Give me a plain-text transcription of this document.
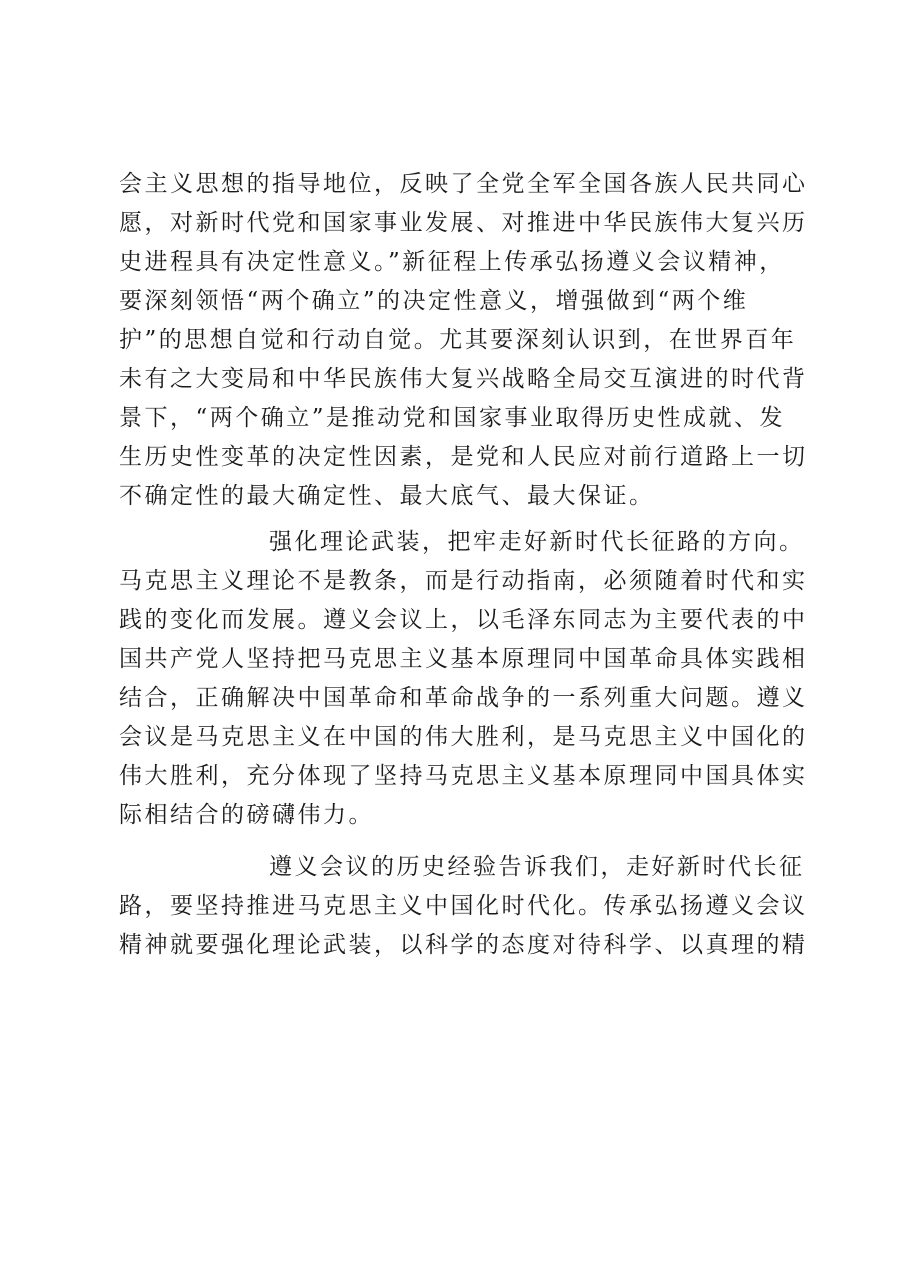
会主义思想的指导地位，反映了全党全军全国各族人民共同心
愿，对新时代党和国家事业发展、对推进中华民族伟大复兴历
史进程具有决定性意义。”新征程上传承弘扬遵义会议精神，
要深刻领悟“两个确立”的决定性意义，增强做到“两个维
护”的思想自觉和行动自觉。尤其要深刻认识到，在世界百年
未有之大变局和中华民族伟大复兴战略全局交互演进的时代背
景下，“两个确立”是推动党和国家事业取得历史性成就、发
生历史性变革的决定性因素，是党和人民应对前行道路上一切
不确定性的最大确定性、最大底气、最大保证。
强化理论武装，把牢走好新时代长征路的方向。
马克思主义理论不是教条，而是行动指南，必须随着时代和实
践的变化而发展。遵义会议上，以毛泽东同志为主要代表的中
国共产党人坚持把马克思主义基本原理同中国革命具体实践相
结合，正确解决中国革命和革命战争的一系列重大问题。遵义
会议是马克思主义在中国的伟大胜利，是马克思主义中国化的
伟大胜利，充分体现了坚持马克思主义基本原理同中国具体实
际相结合的磅礴伟力。
遵义会议的历史经验告诉我们，走好新时代长征
路，要坚持推进马克思主义中国化时代化。传承弘扬遵义会议
精神就要强化理论武装，以科学的态度对待科学、以真理的精
